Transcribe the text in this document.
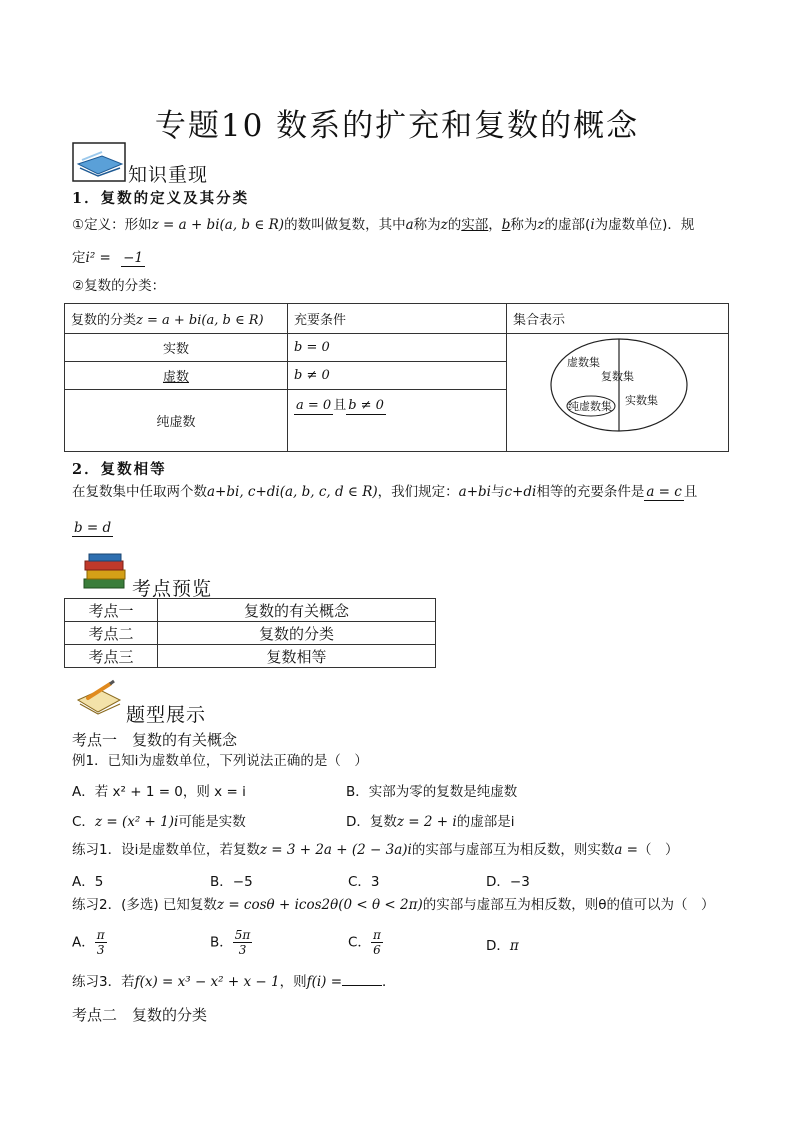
专题10 数系的扩充和复数的概念
知识重现
1．复数的定义及其分类
①定义：形如z = a + bi(a, b ∈ R)的数叫做复数，其中a称为z的实部，b称为z的虚部(i为虚数单位)．规
定i² = −1
②复数的分类：
复数的分类z = a + bi(a, b ∈ R)	充要条件	集合表示
实数	b = 0	虚数集
复数集
纯虚数集 实数集

虚数	b ≠ 0	
纯虚数	a = 0 且 b ≠ 0	
2．复数相等
在复数集中任取两个数a+bi, c+di(a, b, c, d ∈ R)，我们规定：a+bi与c+di相等的充要条件是 a = c 且
b = d
考点预览
考点一	复数的有关概念
考点二	复数的分类
考点三	复数相等
题型展示
考点一　复数的有关概念
例1．已知i为虚数单位，下列说法正确的是（　）
A．若 x² + 1 = 0，则 x = i	B．实部为零的复数是纯虚数
C．z = (x² + 1)i可能是实数	D．复数z = 2 + i的虚部是i
练习1．设i是虚数单位，若复数z = 3 + 2a + (2 − 3a)i的实部与虚部互为相反数，则实数a =（　）
A．5	B．−5	C．3	D．−3
练习2．(多选) 已知复数z = cosθ + icos2θ(0 < θ < 2π)的实部与虚部互为相反数，则θ的值可以为（　）
A． $\frac{\pi}{3}$	B． $\frac{5\pi}{3}$	C． $\frac{\pi}{6}$	D．π
练习3．若f(x) = x³ − x² + x − 1，则f(i) =	．
考点二　复数的分类
